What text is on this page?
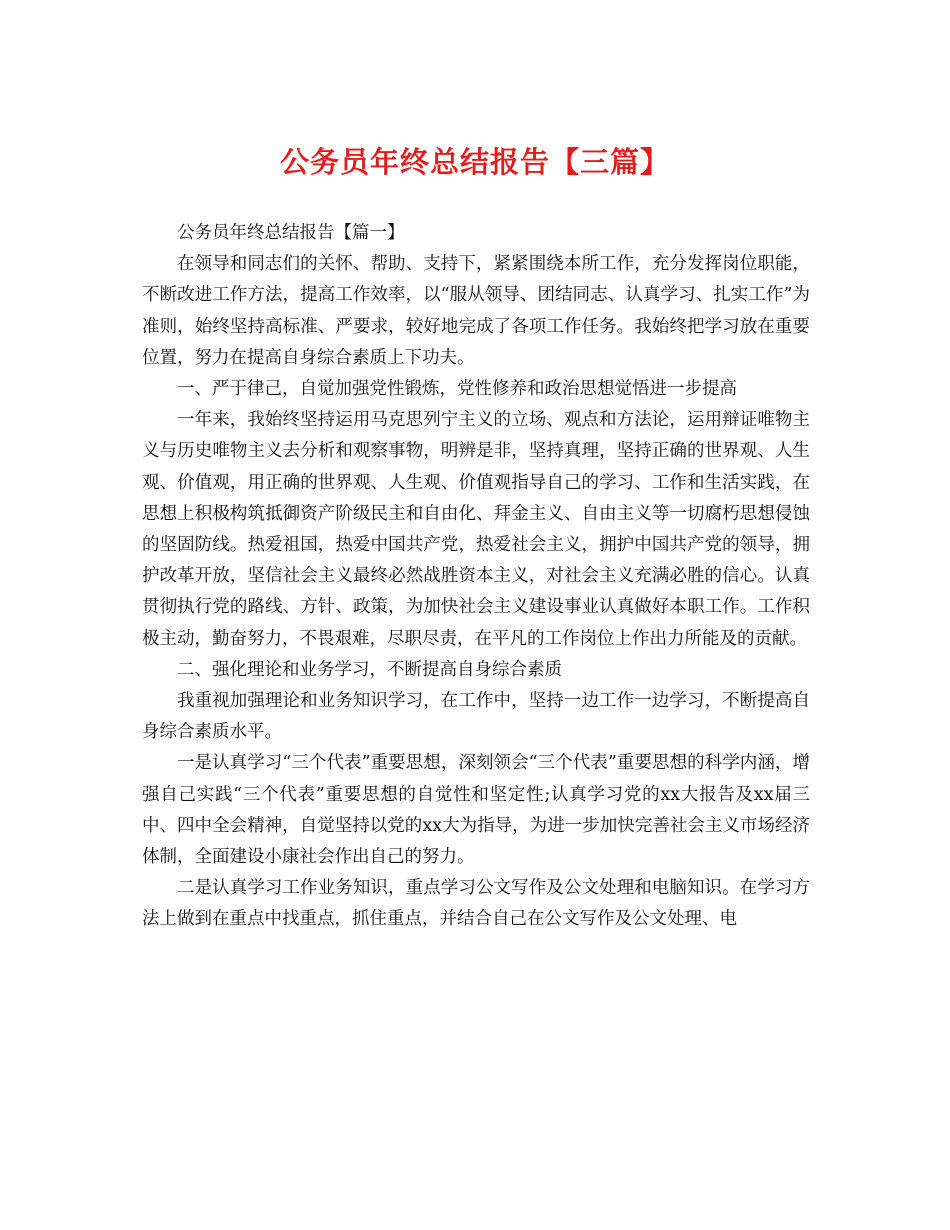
公务员年终总结报告【三篇】

公务员年终总结报告【篇一】

在领导和同志们的关怀、帮助、支持下，紧紧围绕本所工作，充分发挥岗位职能，不断改进工作方法，提高工作效率，以“服从领导、团结同志、认真学习、扎实工作”为准则，始终坚持高标准、严要求，较好地完成了各项工作任务。我始终把学习放在重要位置，努力在提高自身综合素质上下功夫。

一、严于律己，自觉加强党性锻炼，党性修养和政治思想觉悟进一步提高

一年来，我始终坚持运用马克思列宁主义的立场、观点和方法论，运用辩证唯物主义与历史唯物主义去分析和观察事物，明辨是非，坚持真理，坚持正确的世界观、人生观、价值观，用正确的世界观、人生观、价值观指导自己的学习、工作和生活实践，在思想上积极构筑抵御资产阶级民主和自由化、拜金主义、自由主义等一切腐朽思想侵蚀的坚固防线。热爱祖国，热爱中国共产党，热爱社会主义，拥护中国共产党的领导，拥护改革开放，坚信社会主义最终必然战胜资本主义，对社会主义充满必胜的信心。认真贯彻执行党的路线、方针、政策，为加快社会主义建设事业认真做好本职工作。工作积极主动，勤奋努力，不畏艰难，尽职尽责，在平凡的工作岗位上作出力所能及的贡献。

二、强化理论和业务学习，不断提高自身综合素质

我重视加强理论和业务知识学习，在工作中，坚持一边工作一边学习，不断提高自身综合素质水平。

一是认真学习“三个代表”重要思想，深刻领会“三个代表”重要思想的科学内涵，增强自己实践“三个代表”重要思想的自觉性和坚定性;认真学习党的xx大报告及xx届三中、四中全会精神，自觉坚持以党的xx大为指导，为进一步加快完善社会主义市场经济体制，全面建设小康社会作出自己的努力。

二是认真学习工作业务知识，重点学习公文写作及公文处理和电脑知识。在学习方法上做到在重点中找重点，抓住重点，并结合自己在公文写作及公文处理、电
